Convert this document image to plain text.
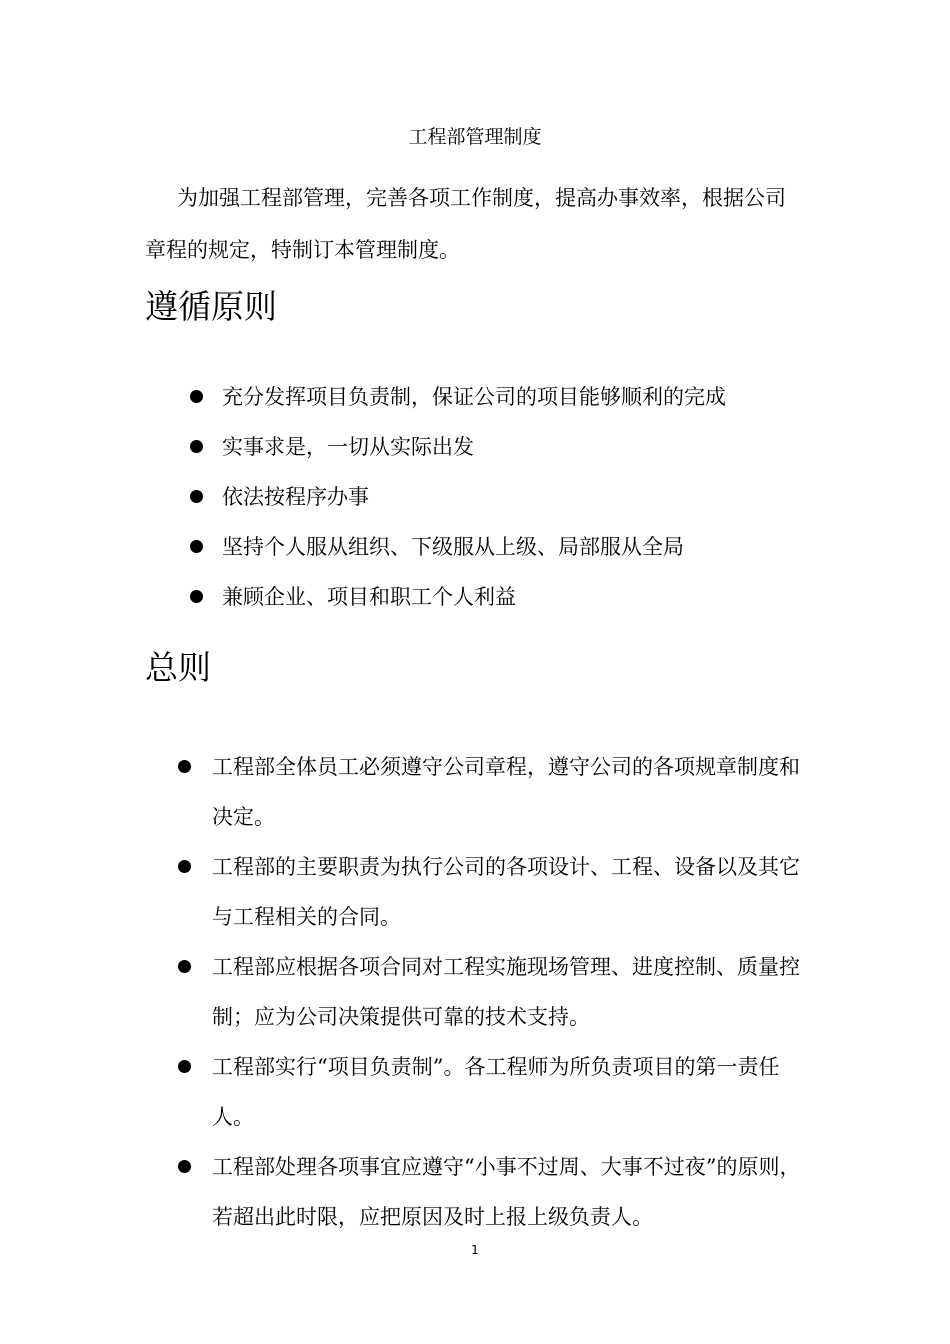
工程部管理制度

为加强工程部管理，完善各项工作制度，提高办事效率，根据公司章程的规定，特制订本管理制度。

遵循原则
充分发挥项目负责制，保证公司的项目能够顺利的完成
实事求是，一切从实际出发
依法按程序办事
坚持个人服从组织、下级服从上级、局部服从全局
兼顾企业、项目和职工个人利益
总则
工程部全体员工必须遵守公司章程，遵守公司的各项规章制度和决定。
工程部的主要职责为执行公司的各项设计、工程、设备以及其它与工程相关的合同。
工程部应根据各项合同对工程实施现场管理、进度控制、质量控制；应为公司决策提供可靠的技术支持。
工程部实行“项目负责制”。各工程师为所负责项目的第一责任人。
工程部处理各项事宜应遵守“小事不过周、大事不过夜”的原则，若超出此时限，应把原因及时上报上级负责人。
1
